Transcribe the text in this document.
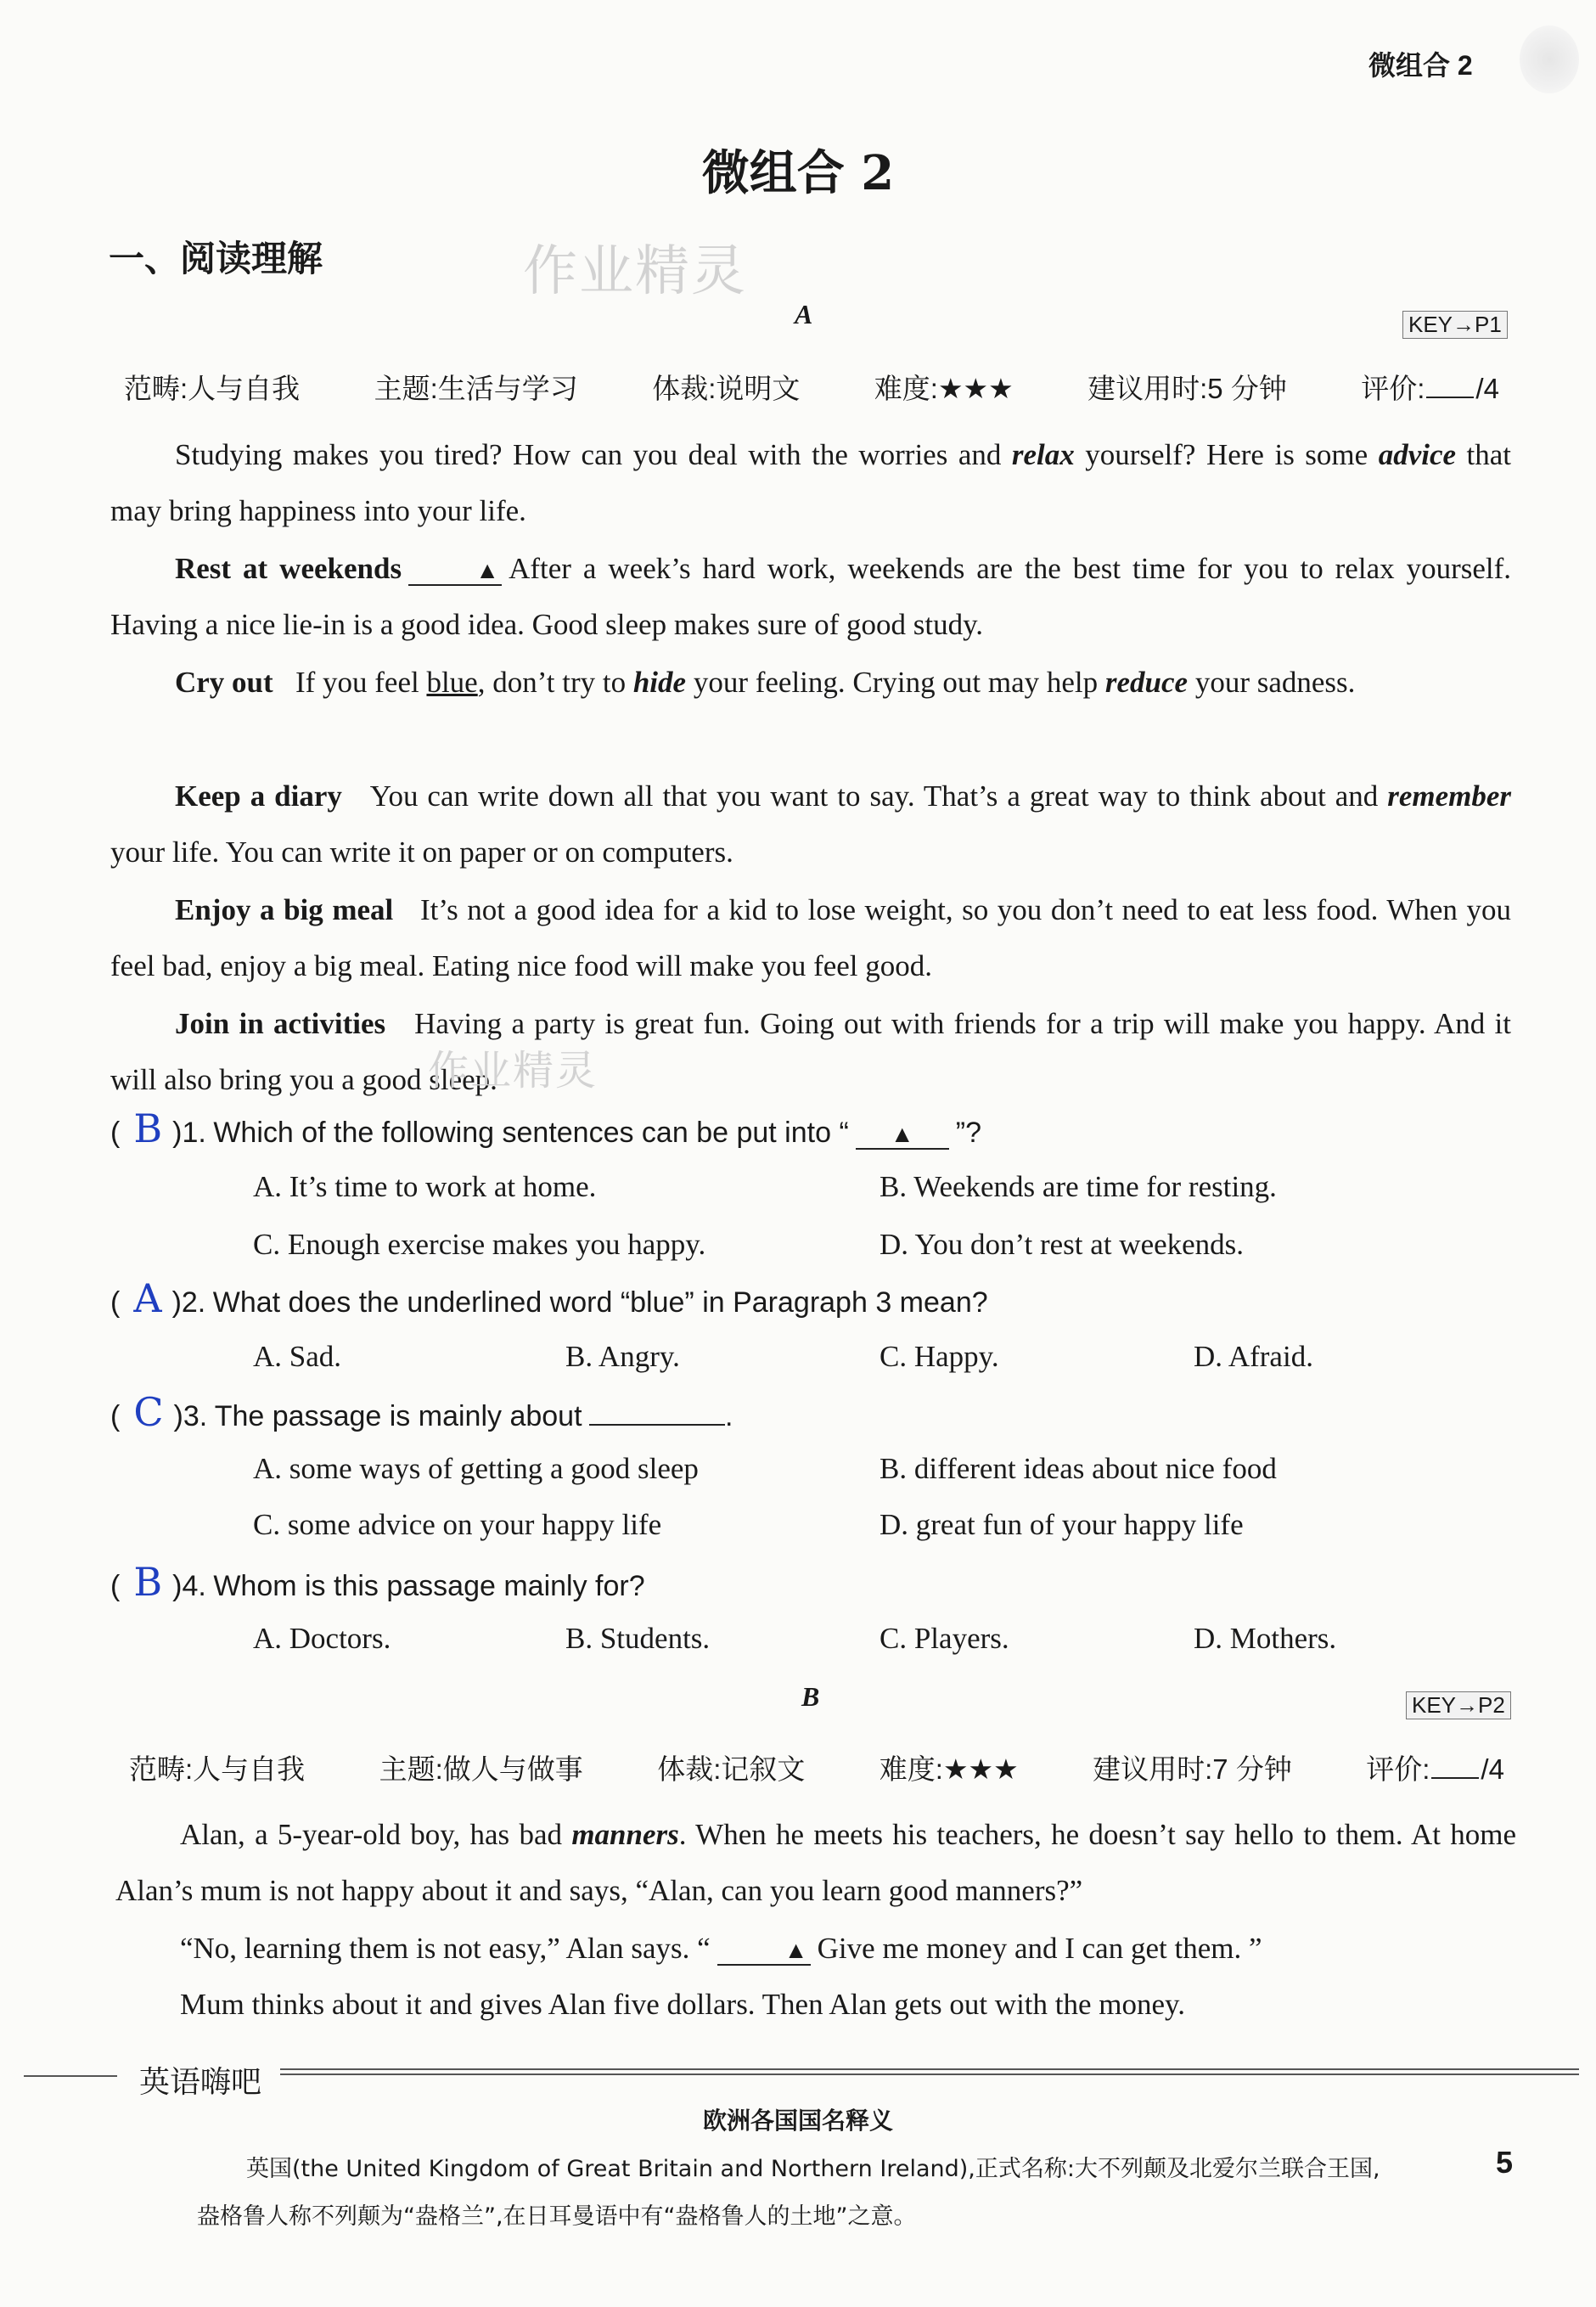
微组合 2
微组合 2
一、阅读理解	作业精灵
A	KEY→P1
范畴:人与自我	主题:生活与学习	体裁:说明文	难度:★★★	建议用时:5 分钟	评价: /4

Studying makes you tired? How can you deal with the worries and relax yourself? Here is some advice that may bring happiness into your life.

Rest at weekends	▲ After a week’s hard work, weekends are the best time for you to relax yourself. Having a nice lie-in is a good idea. Good sleep makes sure of good study.

Cry out If you feel blue, don’t try to hide your feeling. Crying out may help reduce your sadness.

Keep a diary You can write down all that you want to say. That’s a great way to think about and remember your life. You can write it on paper or on computers.

Enjoy a big meal It’s not a good idea for a kid to lose weight, so you don’t need to eat less food. When you feel bad, enjoy a big meal. Eating nice food will make you feel good.

Join in activities Having a party is great fun. Going out with friends for a trip will make you happy. And it will also bring you a good sleep.

作业精灵
( B )1.
Which of the following sentences can be put into “	▲	”?
A. It’s time to work at home.	B. Weekends are time for resting.
C. Enough exercise makes you happy.	D. You don’t rest at weekends.
( A )2.
What does the underlined word “blue” in Paragraph 3 mean?
A. Sad.	B. Angry.	C. Happy.	D. Afraid.
( C )3.
The passage is mainly about
	.
A. some ways of getting a good sleep	B. different ideas about nice food
C. some advice on your happy life	D. great fun of your happy life
( B )4.
Whom is this passage mainly for?
A. Doctors.	B. Students.	C. Players.	D. Mothers.
B	KEY→P2
范畴:人与自我	主题:做人与做事	体裁:记叙文	难度:★★★	建议用时:7 分钟	评价: /4

Alan, a 5-year-old boy, has bad manners. When he meets his teachers, he doesn’t say hello to them. At home Alan’s mum is not happy about it and says, “Alan, can you learn good manners?”

“No, learning them is not easy,” Alan says. “	▲ Give me money and I can get them. ”

Mum thinks about it and gives Alan five dollars. Then Alan gets out with the money.

英语嗨吧
欧洲各国国名释义
英国(the United Kingdom of Great Britain and Northern Ireland),正式名称:大不列颠及北爱尔兰联合王国,
盎格鲁人称不列颠为“盎格兰”,在日耳曼语中有“盎格鲁人的土地”之意。
5
